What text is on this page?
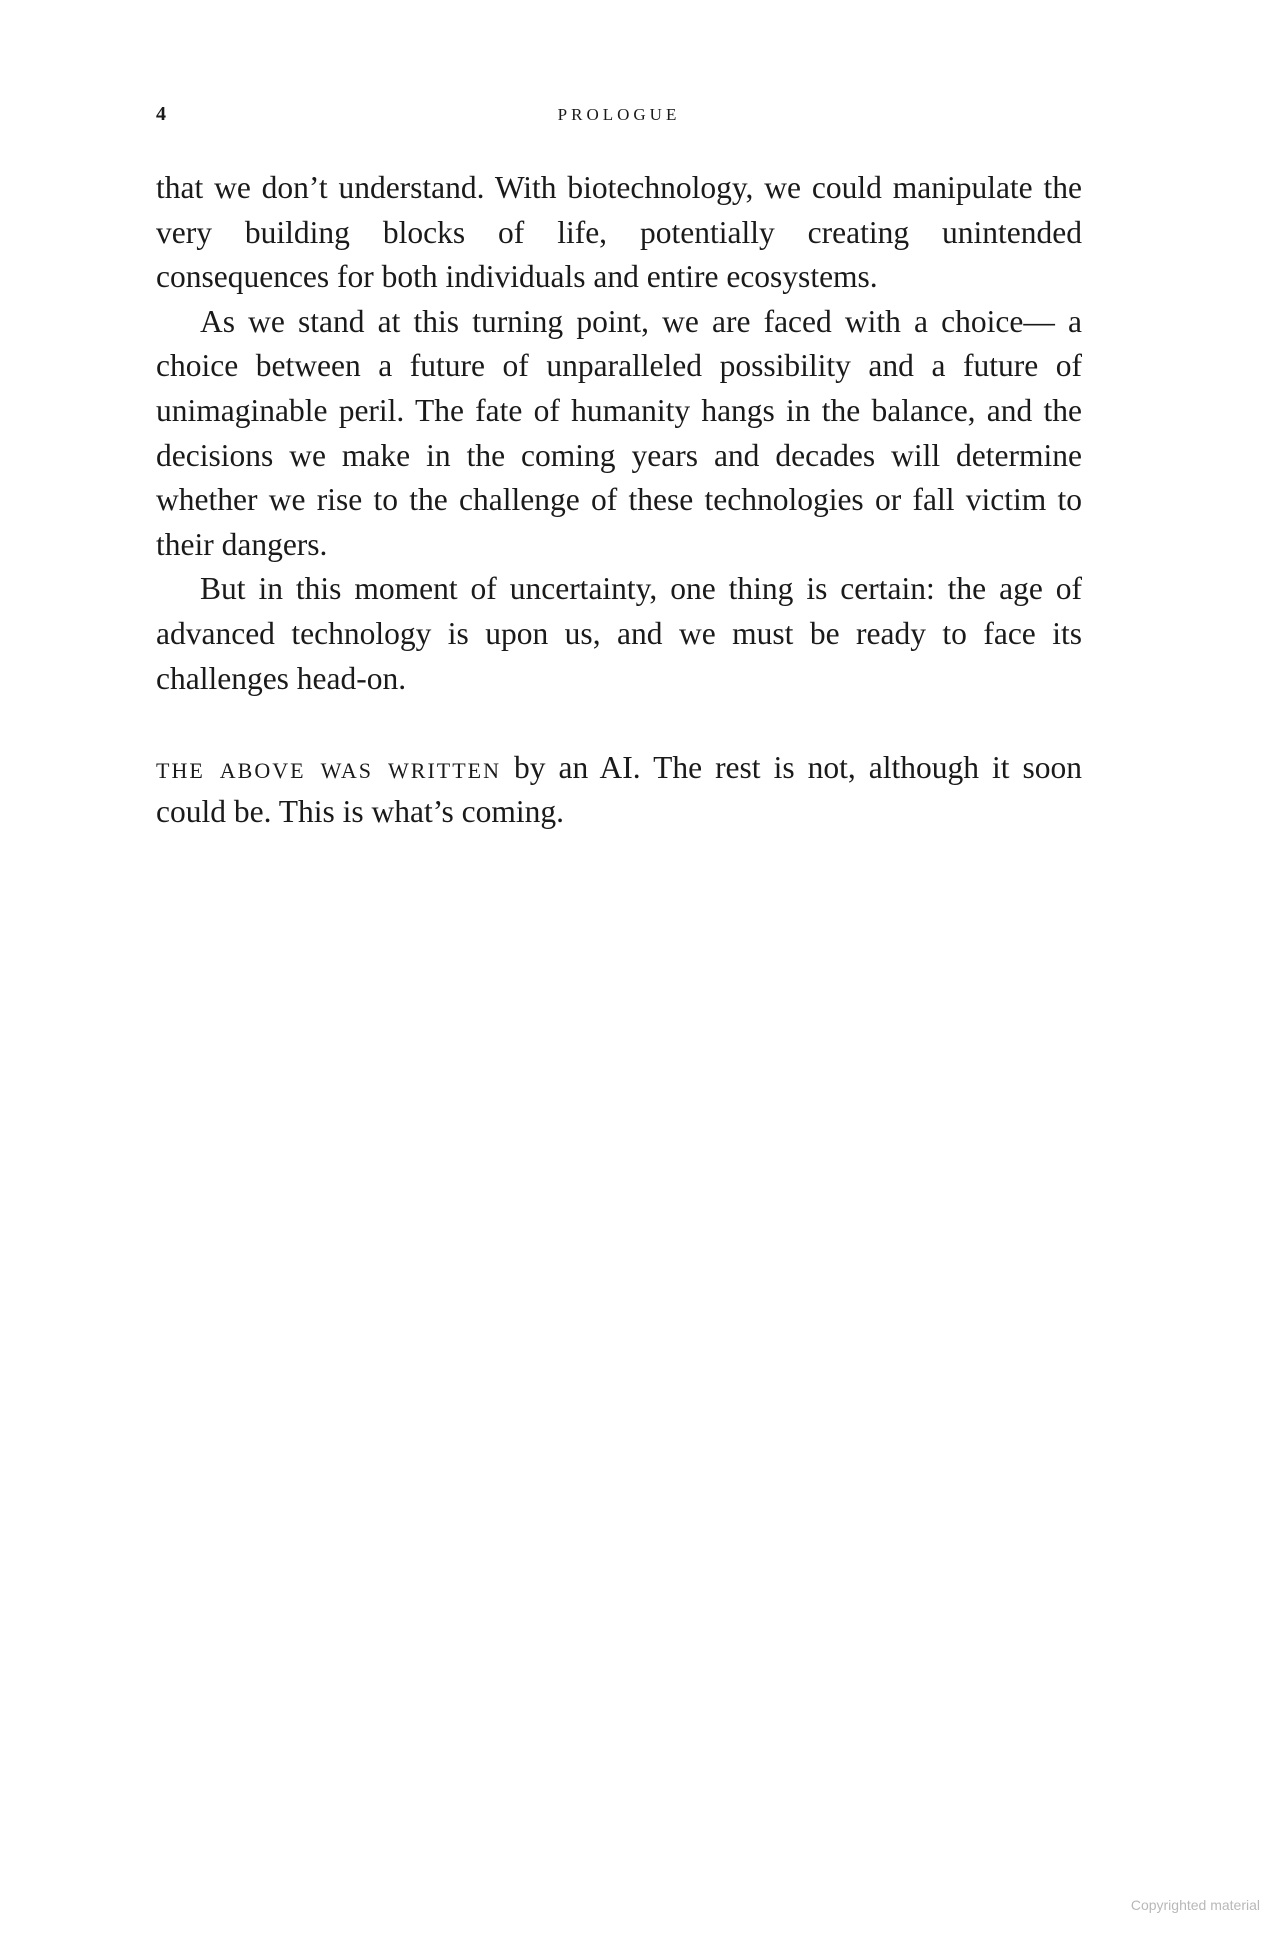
4	PROLOGUE

that we don’t understand. With biotechnology, we could manipulate the very building blocks of life, potentially creating unintended consequences for both individuals and entire ecosystems.

As we stand at this turning point, we are faced with a choice— a choice between a future of unparalleled possibility and a future of unimaginable peril. The fate of humanity hangs in the balance, and the decisions we make in the coming years and decades will determine whether we rise to the challenge of these technologies or fall victim to their dangers.

But in this moment of uncertainty, one thing is certain: the age of advanced technology is upon us, and we must be ready to face its challenges head-on.

the above was written by an AI. The rest is not, although it soon could be. This is what’s coming.

Copyrighted material
